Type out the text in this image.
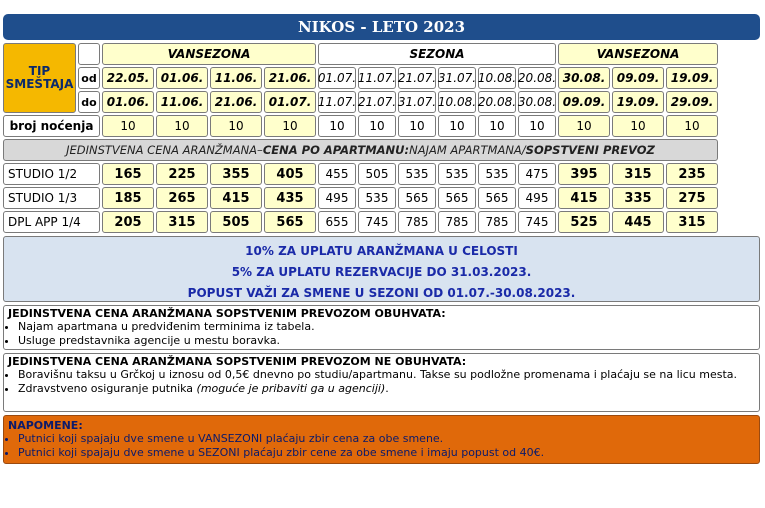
NIKOS - LETO 2023
TIP SMEŠTAJA
VANSEZONA	SEZONA	VANSEZONA
od 22.05. 01.06. 11.06. 21.06. 01.07. 11.07. 21.07. 31.07. 10.08. 20.08. 30.08. 09.09. 19.09.
do 01.06. 11.06. 21.06. 01.07. 11.07. 21.07. 31.07. 10.08. 20.08. 30.08. 09.09. 19.09. 29.09.
broj noćenja	10	10	10	10	10	10	10	10	10	10	10	10	10
JEDINSTVENA CENA ARANŽMANA– CENA PO APARTMANU: NAJAM APARTMANA/ SOPSTVENI PREVOZ
STUDIO 1/2	165	225	355	405	455	505	535	535	535	475	395	315	235
STUDIO 1/3	185	265	415	435	495	535	565	565	565	495	415	335	275
DPL APP 1/4	205	315	505	565	655	745	785	785	785	745	525	445	315
10% ZA UPLATU ARANŽMANA U CELOSTI
5% ZA UPLATU REZERVACIJE DO 31.03.2023.
POPUST VAŽI ZA SMENE U SEZONI OD 01.07.-30.08.2023.
JEDINSTVENA CENA ARANŽMANA SOPSTVENIM PREVOZOM OBUHVATA:
• Najam apartmana u predviđenim terminima iz tabela.
• Usluge predstavnika agencije u mestu boravka.
JEDINSTVENA CENA ARANŽMANA SOPSTVENIM PREVOZOM NE OBUHVATA:
• Boravišnu taksu u Grčkoj u iznosu od 0,5€ dnevno po studiu/apartmanu. Takse su podložne promenama i plaćaju se na licu mesta.
• Zdravstveno osiguranje putnika (moguće je pribaviti ga u agenciji).
NAPOMENE:
• Putnici koji spajaju dve smene u VANSEZONI plaćaju zbir cena za obe smene.
• Putnici koji spajaju dve smene u SEZONI plaćaju zbir cene za obe smene i imaju popust od 40€.
